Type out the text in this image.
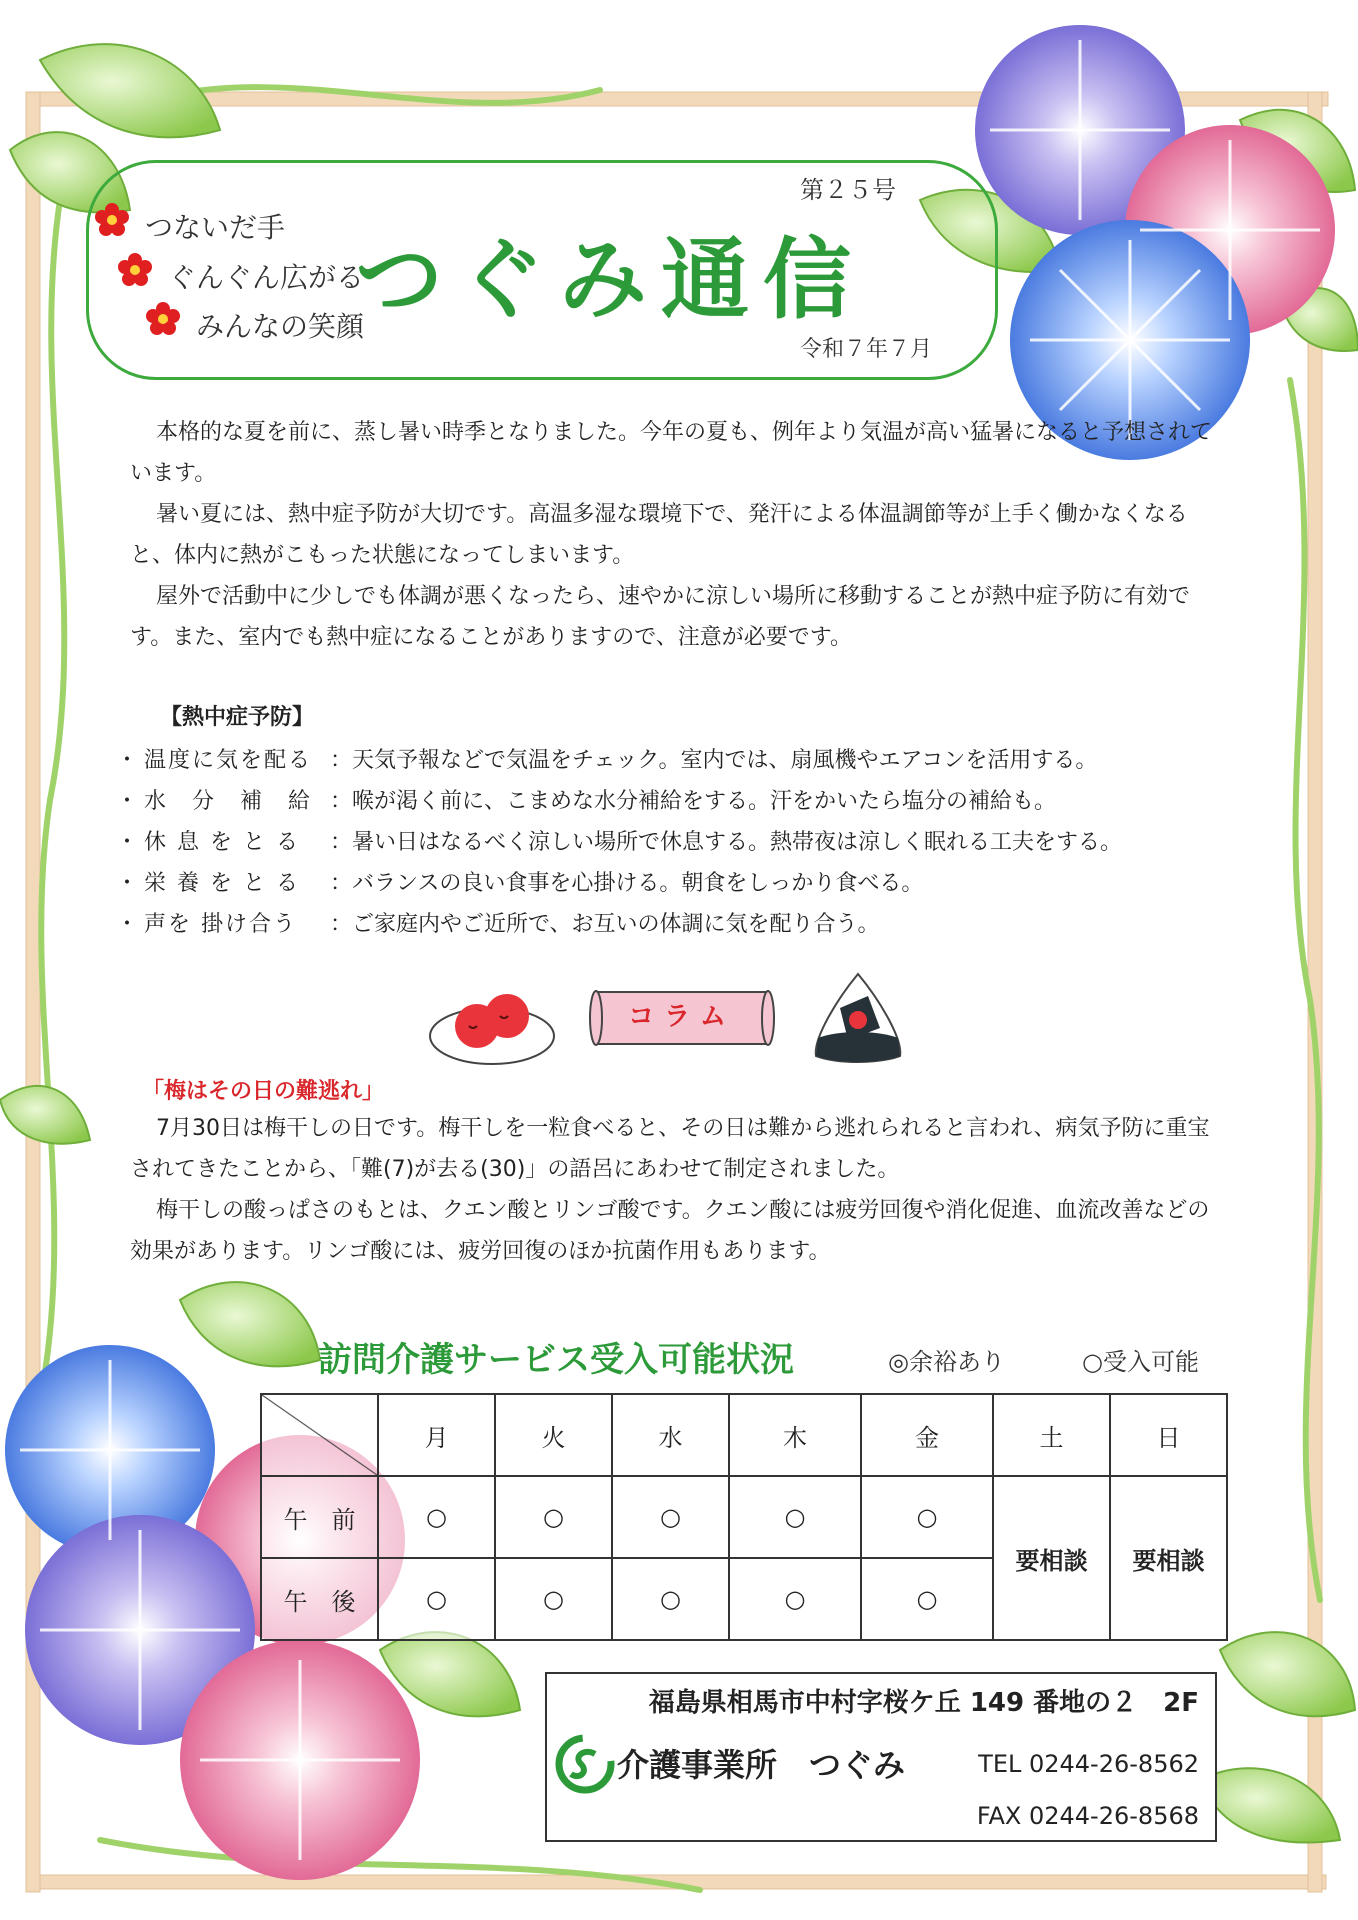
つないだ手
ぐんぐん広がる
みんなの笑顔
つぐみ通信
第２５号
令和７年７月

本格的な夏を前に、蒸し暑い時季となりました。今年の夏も、例年より気温が高い猛暑になると予想されています。

暑い夏には、熱中症予防が大切です。高温多湿な環境下で、発汗による体温調節等が上手く働かなくなると、体内に熱がこもった状態になってしまいます。

屋外で活動中に少しでも体調が悪くなったら、速やかに涼しい場所に移動することが熱中症予防に有効です。また、室内でも熱中症になることがありますので、注意が必要です。

【熱中症予防】
・ 温度に気を配る ：天気予報などで気温をチェック。室内では、扇風機やエアコンを活用する。
・ 水　分　補　給 ：喉が渇く前に、こまめな水分補給をする。汗をかいたら塩分の補給も。
・ 休 息 を と る	：暑い日はなるべく涼しい場所で休息する。熱帯夜は涼しく眠れる工夫をする。
・ 栄 養 を と る	：バランスの良い食事を心掛ける。朝食をしっかり食べる。
・ 声を 掛け合う	：ご家庭内やご近所で、お互いの体調に気を配り合う。
コラム
「梅はその日の難逃れ」

7月30日は梅干しの日です。梅干しを一粒食べると、その日は難から逃れられると言われ、病気予防に重宝されてきたことから、「難(7)が去る(30)」の語呂にあわせて制定されました。

梅干しの酸っぱさのもとは、クエン酸とリンゴ酸です。クエン酸には疲労回復や消化促進、血流改善などの効果があります。リンゴ酸には、疲労回復のほか抗菌作用もあります。

訪問介護サービス受入可能状況	◎余裕あり	○受入可能
	月	火	水	木	金	土	日
午　前	○	○	○	○	○	要相談	要相談
午　後	○	○	○	○	○		
福島県相馬市中村字桜ケ丘 149 番地の２　2F
介護事業所　つぐみ	TEL 0244-26-8562
FAX 0244-26-8568
